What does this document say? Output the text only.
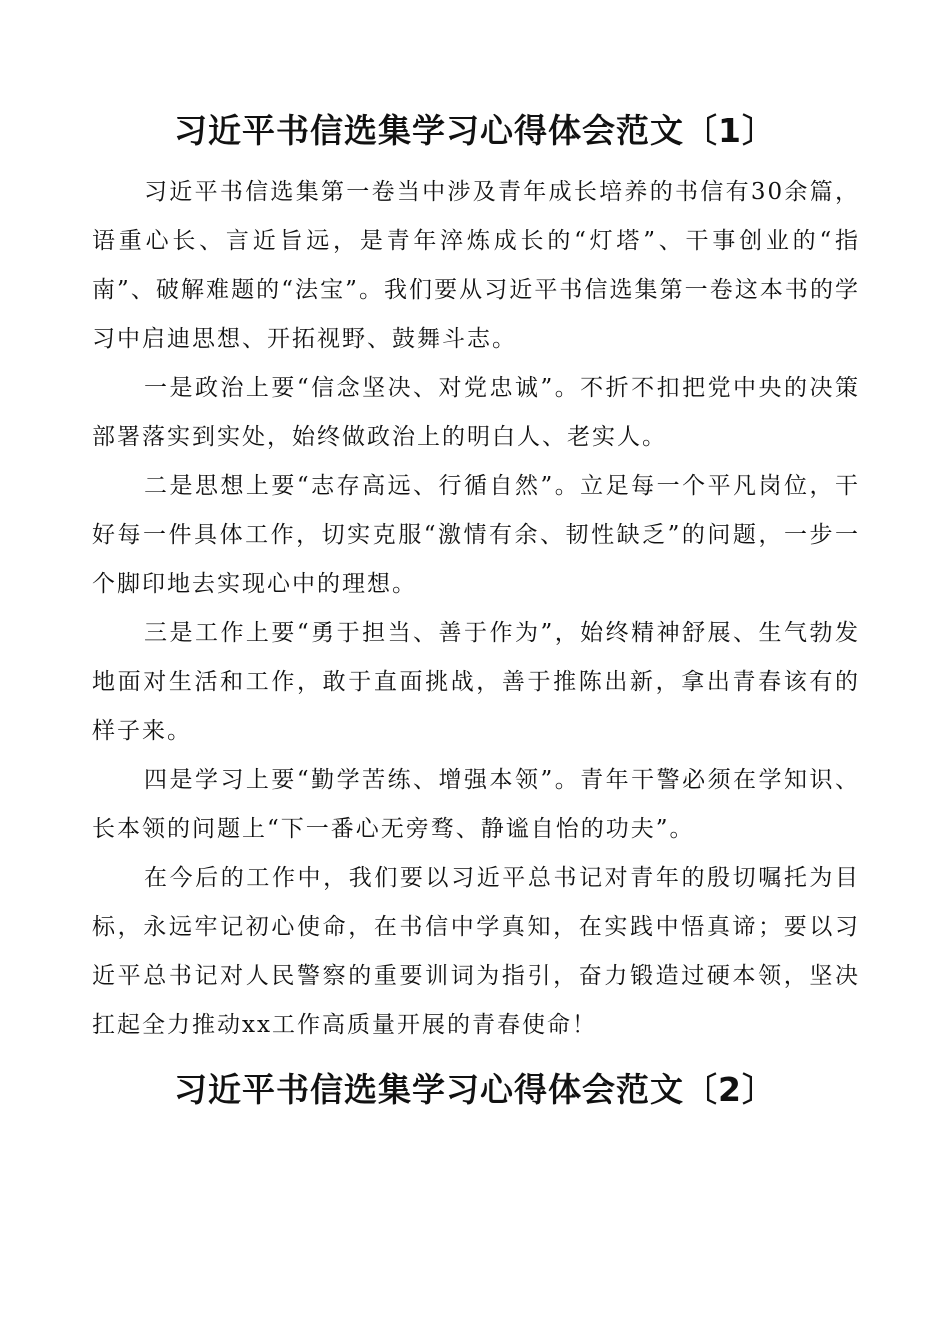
习近平书信选集学习心得体会范文〔1〕

习近平书信选集第一卷当中涉及青年成长培养的书信有30余篇，语重心长、言近旨远，是青年淬炼成长的“灯塔”、干事创业的“指南”、破解难题的“法宝”。我们要从习近平书信选集第一卷这本书的学习中启迪思想、开拓视野、鼓舞斗志。

一是政治上要“信念坚决、对党忠诚”。不折不扣把党中央的决策部署落实到实处，始终做政治上的明白人、老实人。

二是思想上要“志存高远、行循自然”。立足每一个平凡岗位，干好每一件具体工作，切实克服“激情有余、韧性缺乏”的问题，一步一个脚印地去实现心中的理想。

三是工作上要“勇于担当、善于作为”，始终精神舒展、生气勃发地面对生活和工作，敢于直面挑战，善于推陈出新，拿出青春该有的样子来。

四是学习上要“勤学苦练、增强本领”。青年干警必须在学知识、长本领的问题上“下一番心无旁骛、静谧自怡的功夫”。

在今后的工作中，我们要以习近平总书记对青年的殷切嘱托为目标，永远牢记初心使命，在书信中学真知，在实践中悟真谛；要以习近平总书记对人民警察的重要训词为指引，奋力锻造过硬本领，坚决扛起全力推动xx工作高质量开展的青春使命！

习近平书信选集学习心得体会范文〔2〕
